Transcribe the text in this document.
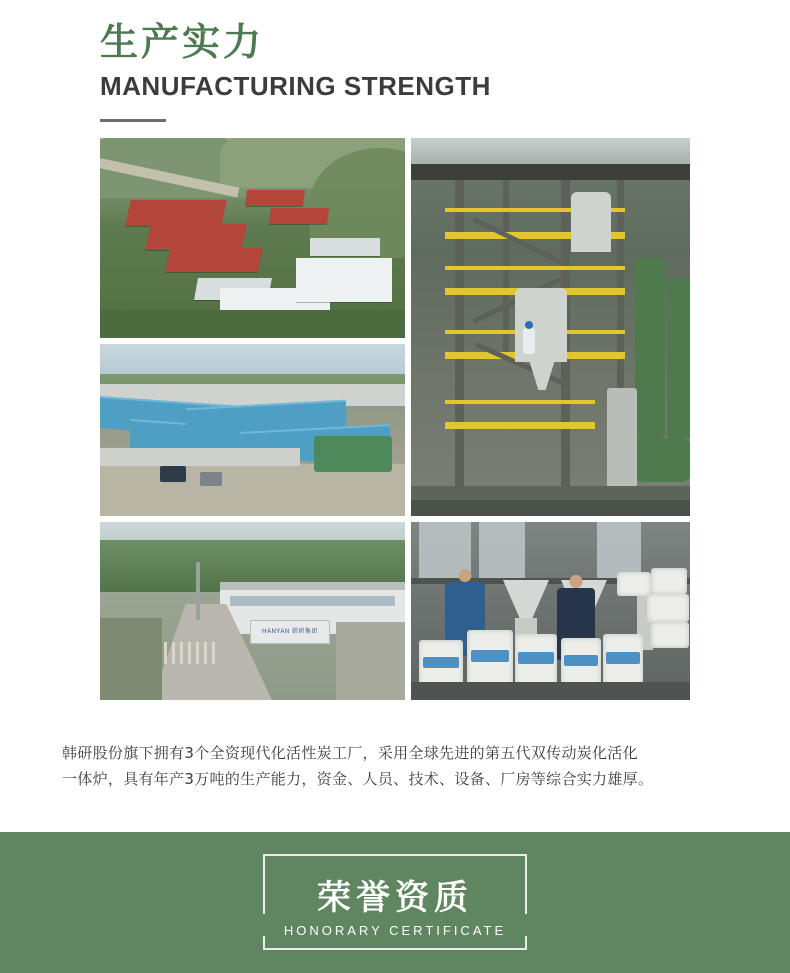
生产实力
MANUFACTURING STRENGTH
HANYAN 韩研集团
韩研股份旗下拥有3个全资现代化活性炭工厂，采用全球先进的第五代双传动炭化活化
一体炉，具有年产3万吨的生产能力，资金、人员、技术、设备、厂房等综合实力雄厚。
荣誉资质
HONORARY CERTIFICATE
